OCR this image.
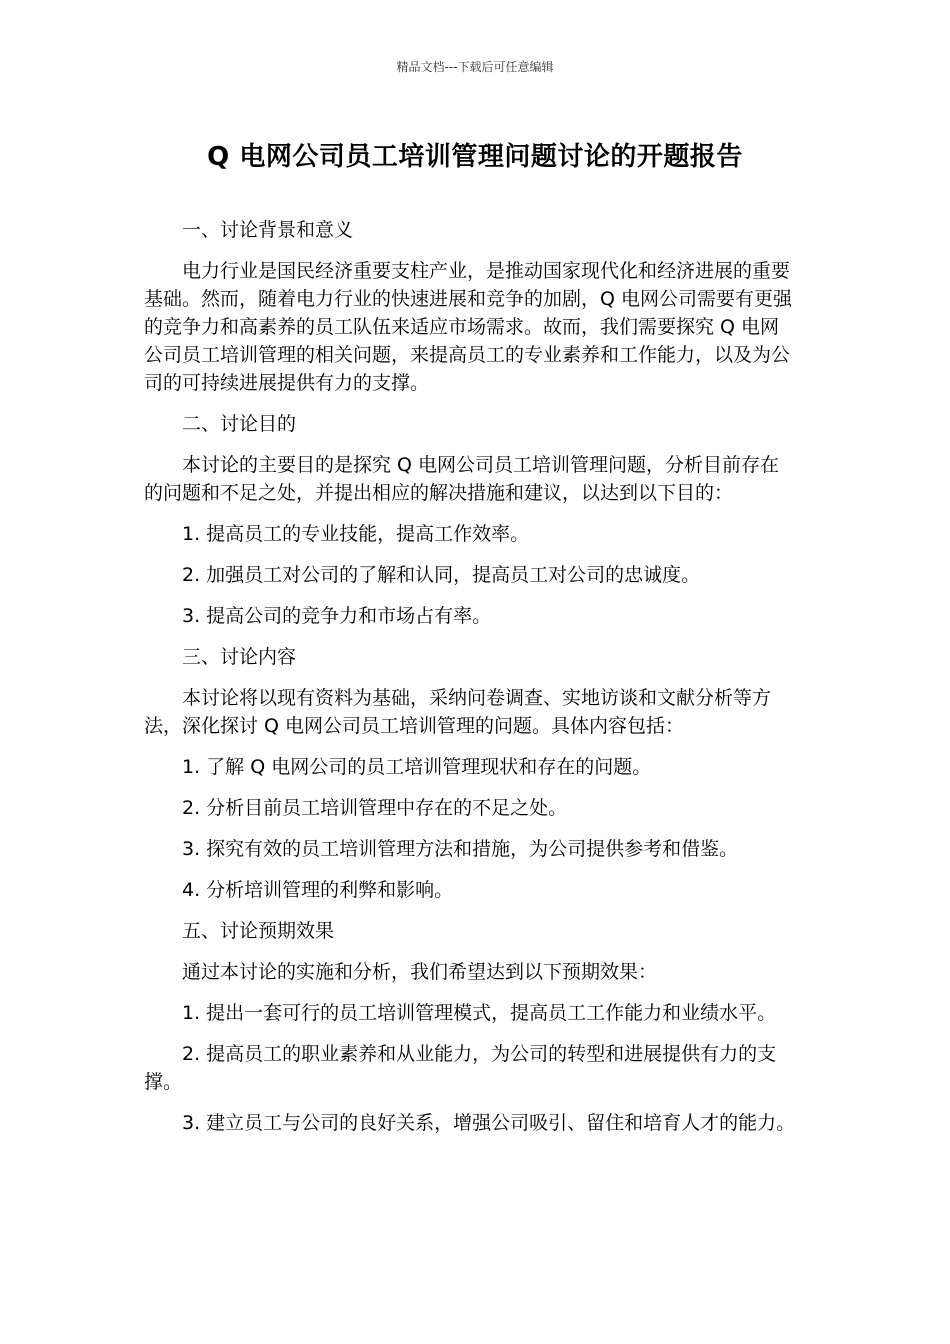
精品文档---下载后可任意编辑
Q 电网公司员工培训管理问题讨论的开题报告

一、讨论背景和意义

电力行业是国民经济重要支柱产业，是推动国家现代化和经济进展的重要基础。然而，随着电力行业的快速进展和竞争的加剧，Q 电网公司需要有更强的竞争力和高素养的员工队伍来适应市场需求。故而，我们需要探究 Q 电网公司员工培训管理的相关问题，来提高员工的专业素养和工作能力，以及为公司的可持续进展提供有力的支撑。

二、讨论目的

本讨论的主要目的是探究 Q 电网公司员工培训管理问题，分析目前存在的问题和不足之处，并提出相应的解决措施和建议，以达到以下目的：

1. 提高员工的专业技能，提高工作效率。

2. 加强员工对公司的了解和认同，提高员工对公司的忠诚度。

3. 提高公司的竞争力和市场占有率。

三、讨论内容

本讨论将以现有资料为基础，采纳问卷调查、实地访谈和文献分析等方法，深化探讨 Q 电网公司员工培训管理的问题。具体内容包括：

1. 了解 Q 电网公司的员工培训管理现状和存在的问题。

2. 分析目前员工培训管理中存在的不足之处。

3. 探究有效的员工培训管理方法和措施，为公司提供参考和借鉴。

4. 分析培训管理的利弊和影响。

五、讨论预期效果

通过本讨论的实施和分析，我们希望达到以下预期效果：

1. 提出一套可行的员工培训管理模式，提高员工工作能力和业绩水平。

2. 提高员工的职业素养和从业能力，为公司的转型和进展提供有力的支撑。

3. 建立员工与公司的良好关系，增强公司吸引、留住和培育人才的能力。
